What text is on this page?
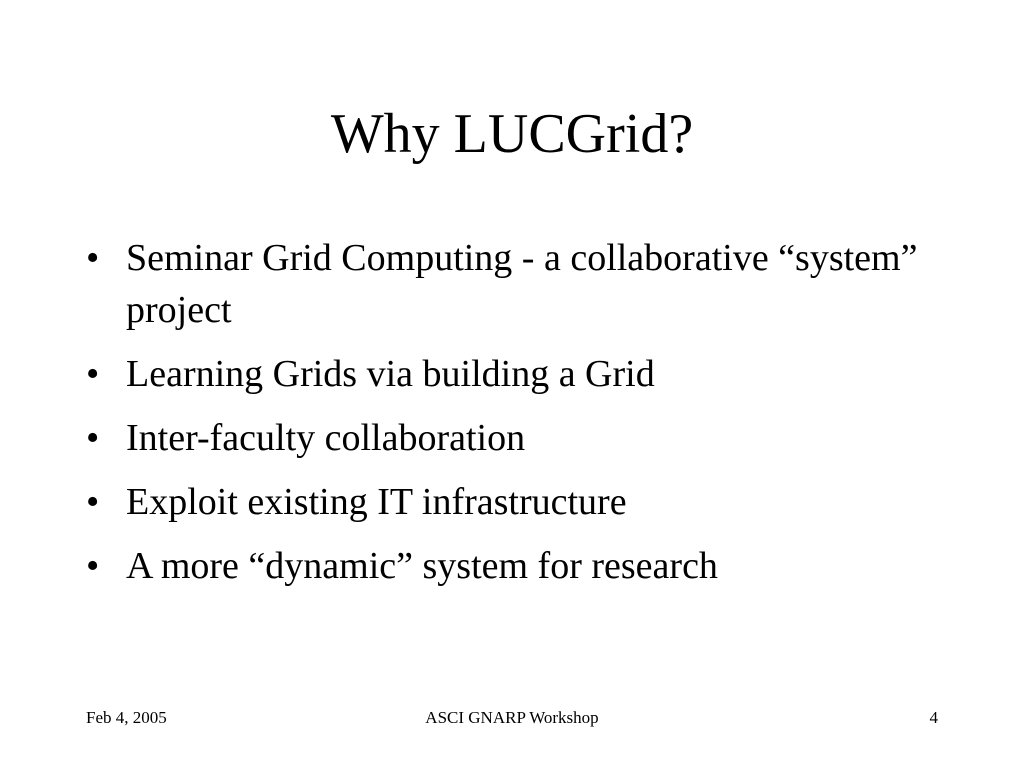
Why LUCGrid?
• Seminar Grid Computing - a collaborative “system” project
• Learning Grids via building a Grid
• Inter-faculty collaboration
• Exploit existing IT infrastructure
• A more “dynamic” system for research
Feb 4, 2005	ASCI GNARP Workshop	4
